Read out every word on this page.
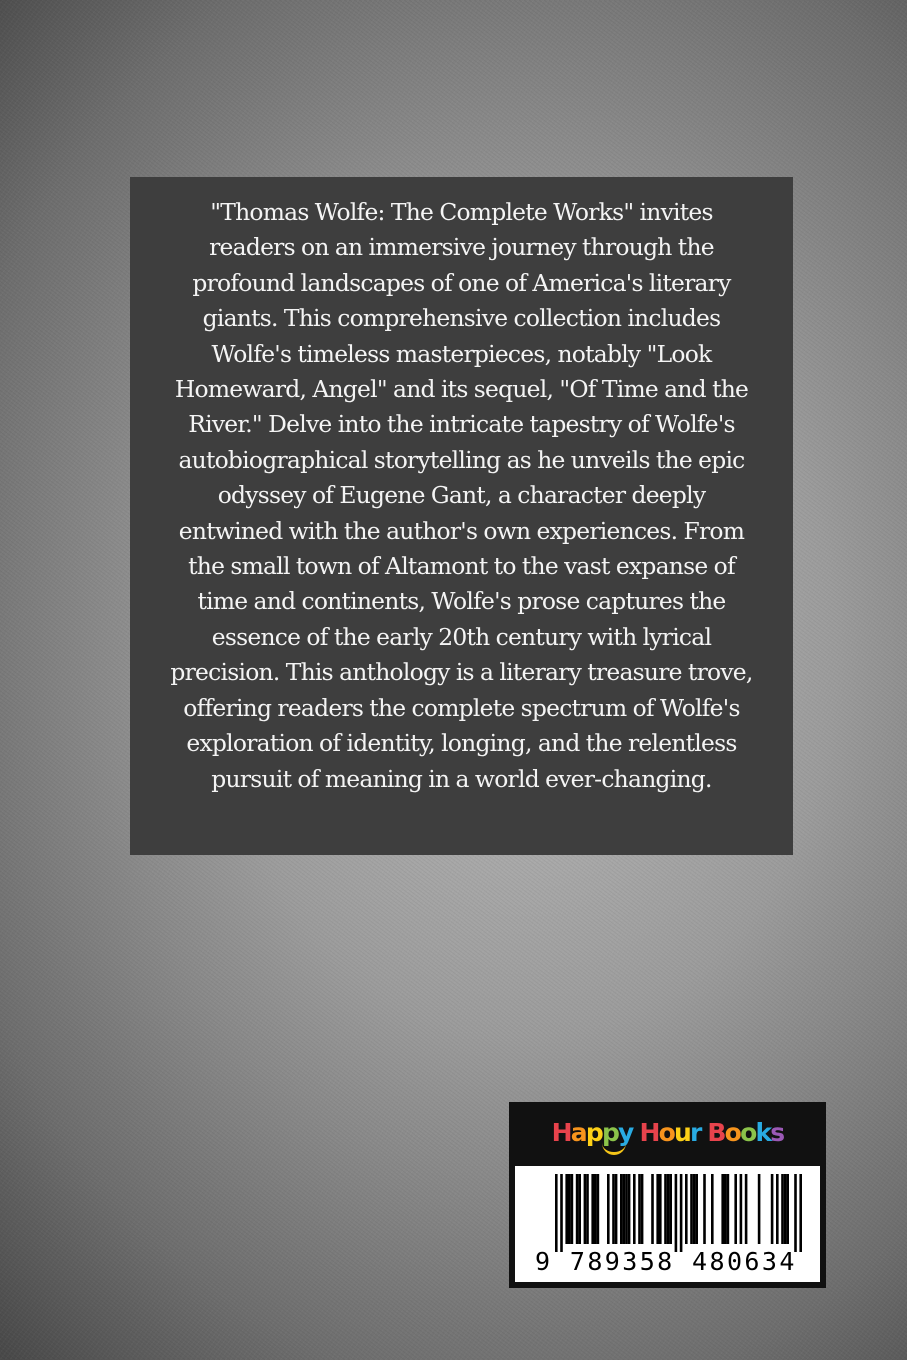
"Thomas Wolfe: The Complete Works" invites
readers on an immersive journey through the
profound landscapes of one of America's literary
giants. This comprehensive collection includes
Wolfe's timeless masterpieces, notably "Look
Homeward, Angel" and its sequel, "Of Time and the
River." Delve into the intricate tapestry of Wolfe's
autobiographical storytelling as he unveils the epic
odyssey of Eugene Gant, a character deeply
entwined with the author's own experiences. From
the small town of Altamont to the vast expanse of
time and continents, Wolfe's prose captures the
essence of the early 20th century with lyrical
precision. This anthology is a literary treasure trove,
offering readers the complete spectrum of Wolfe's
exploration of identity, longing, and the relentless
pursuit of meaning in a world ever-changing.

Happy Hour Books
9 789358 480634
